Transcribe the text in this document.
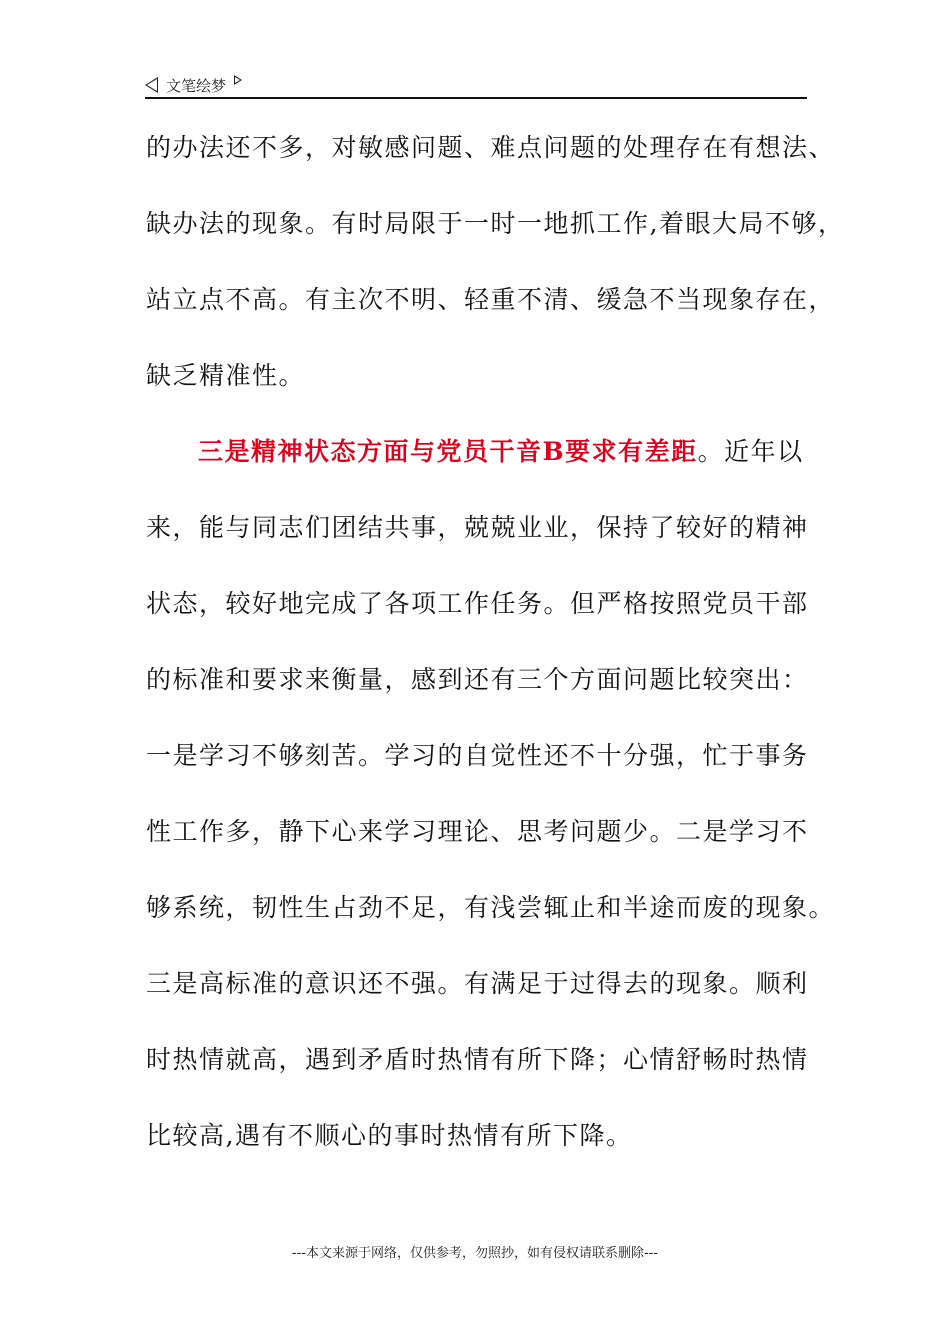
文笔绘梦
的办法还不多，对敏感问题、难点问题的处理存在有想法、
缺办法的现象。有时局限于一时一地抓工作,着眼大局不够，
站立点不高。有主次不明、轻重不清、缓急不当现象存在，
缺乏精准性。
三是精神状态方面与党员干音B要求有差距。近年以
来，能与同志们团结共事，兢兢业业，保持了较好的精神
状态，较好地完成了各项工作任务。但严格按照党员干部
的标准和要求来衡量，感到还有三个方面问题比较突出：
一是学习不够刻苦。学习的自觉性还不十分强，忙于事务
性工作多，静下心来学习理论、思考问题少。二是学习不
够系统，韧性生占劲不足，有浅尝辄止和半途而废的现象。
三是高标准的意识还不强。有满足于过得去的现象。顺利
时热情就高，遇到矛盾时热情有所下降；心情舒畅时热情
比较高,遇有不顺心的事时热情有所下降。
---本文来源于网络，仅供参考，勿照抄，如有侵权请联系删除---
